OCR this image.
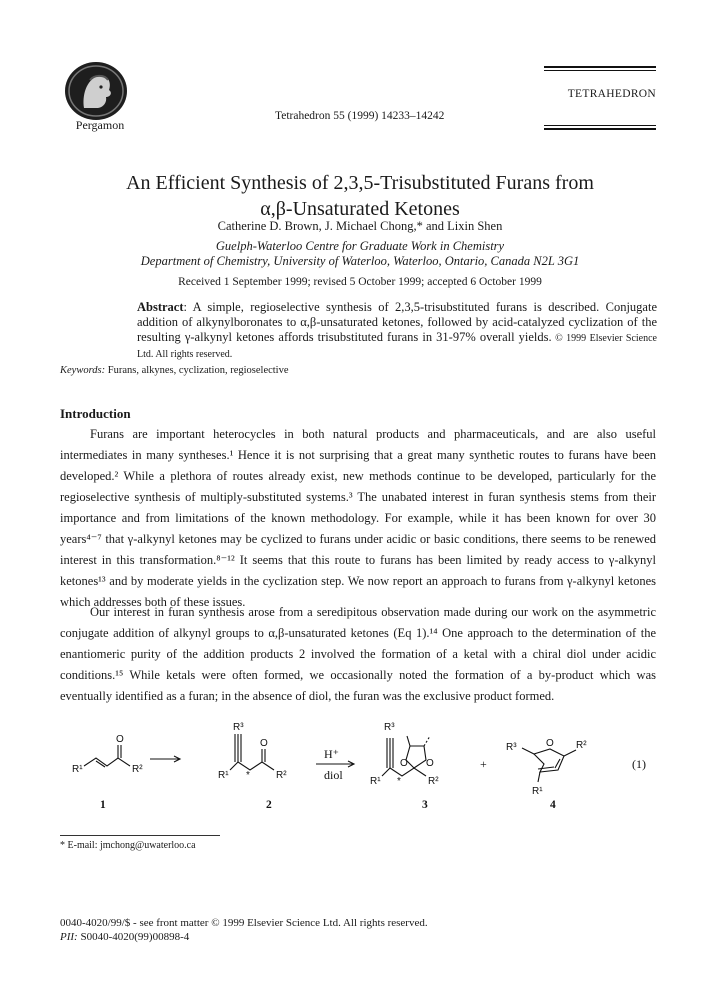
Pergamon
Tetrahedron 55 (1999) 14233–14242
TETRAHEDRON
An Efficient Synthesis of 2,3,5-Trisubstituted Furans from
α,β-Unsaturated Ketones
Catherine D. Brown, J. Michael Chong,* and Lixin Shen
Guelph-Waterloo Centre for Graduate Work in Chemistry
Department of Chemistry, University of Waterloo, Waterloo, Ontario, Canada N2L 3G1
Received 1 September 1999; revised 5 October 1999; accepted 6 October 1999
Abstract: A simple, regioselective synthesis of 2,3,5-trisubstituted furans is described. Conjugate addition of alkynylboronates to α,β-unsaturated ketones, followed by acid-catalyzed cyclization of the resulting γ-alkynyl ketones affords trisubstituted furans in 31-97% overall yields. © 1999 Elsevier Science Ltd. All rights reserved.
Keywords: Furans, alkynes, cyclization, regioselective
Introduction

Furans are important heterocycles in both natural products and pharmaceuticals, and are also useful intermediates in many syntheses.¹ Hence it is not surprising that a great many synthetic routes to furans have been developed.² While a plethora of routes already exist, new methods continue to be developed, particularly for the regioselective synthesis of multiply-substituted systems.³ The unabated interest in furan synthesis stems from their importance and from limitations of the known methodology. For example, while it has been known for over 30 years⁴⁻⁷ that γ-alkynyl ketones may be cyclized to furans under acidic or basic conditions, there seems to be renewed interest in this transformation.⁸⁻¹² It seems that this route to furans has been limited by ready access to γ-alkynyl ketones¹³ and by moderate yields in the cyclization step. We now report an approach to furans from γ-alkynyl ketones which addresses both of these issues.

Our interest in furan synthesis arose from a seredipitous observation made during our work on the asymmetric conjugate addition of alkynyl groups to α,β-unsaturated ketones (Eq 1).¹⁴ One approach to the determination of the enantiomeric purity of the addition products 2 involved the formation of a ketal with a chiral diol under acidic conditions.¹⁵ While ketals were often formed, we occasionally noted the formation of a by-product which was eventually identified as a furan; in the absence of diol, the furan was the exclusive product formed.

O
R¹	R²
1
R³
O
R¹ *	R²
2
H⁺
diol
R³
O O
R¹ *	R²
3
+
R³	O R²
R¹
4
(1)
* E-mail: jmchong@uwaterloo.ca
0040-4020/99/$ - see front matter © 1999 Elsevier Science Ltd. All rights reserved.
PII: S0040-4020(99)00898-4
